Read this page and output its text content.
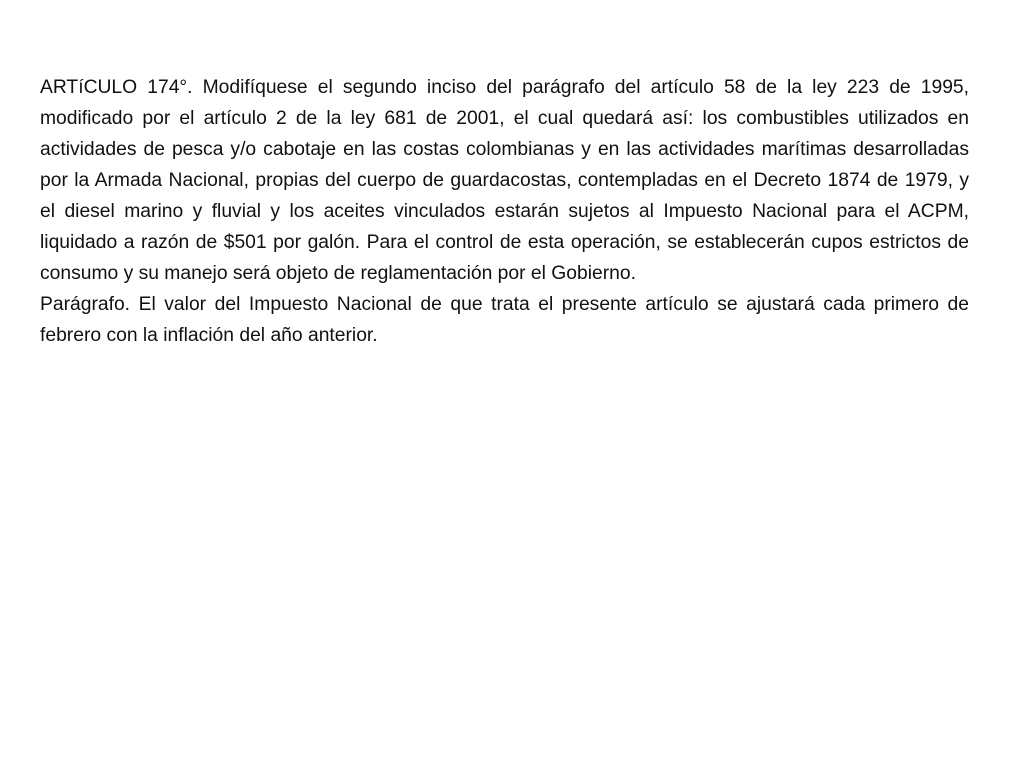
ARTíCULO 174°. Modifíquese el segundo inciso del parágrafo del artículo 58 de la ley 223 de 1995, modificado por el artículo 2 de la ley 681 de 2001, el cual quedará así: los combustibles utilizados en actividades de pesca y/o cabotaje en las costas colombianas y en las actividades marítimas desarrolladas por la Armada Nacional, propias del cuerpo de guardacostas, contempladas en el Decreto 1874 de 1979, y el diesel marino y fluvial y los aceites vinculados estarán sujetos al Impuesto Nacional para el ACPM, liquidado a razón de $501 por galón. Para el control de esta operación, se establecerán cupos estrictos de consumo y su manejo será objeto de reglamentación por el Gobierno.

Parágrafo. El valor del Impuesto Nacional de que trata el presente artículo se ajustará cada primero de febrero con la inflación del año anterior.
